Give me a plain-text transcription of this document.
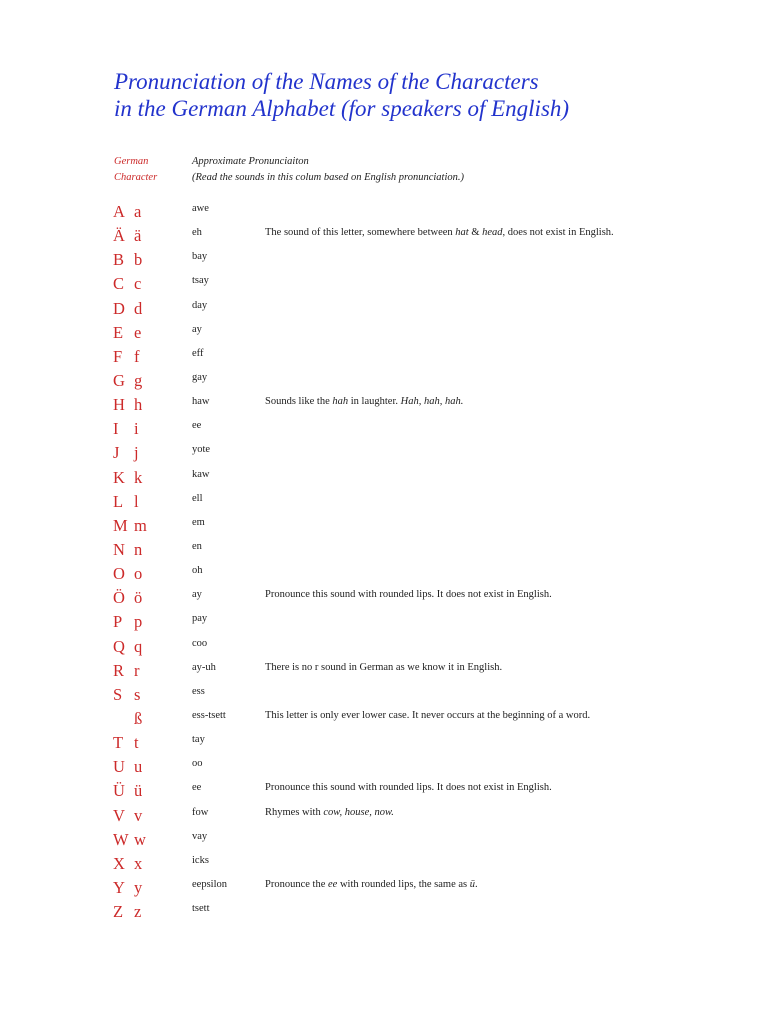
Pronunciation of the Names of the Characters
in the German Alphabet (for speakers of English)
German
Character
Approximate Pronunciaiton
(Read the sounds in this colum based on English pronunciation.)
A a	awe
Ä ä	eh	The sound of this letter, somewhere between hat & head, does not exist in English.
B b	bay
C c	tsay
D d	day
E e	ay
F f	eff
G g	gay
H h	haw	Sounds like the hah in laughter. Hah, hah, hah.
I i	ee
J j	yote
K k	kaw
L l	ell
M m	em
N n	en
O o	oh
Ö ö	ay	Pronounce this sound with rounded lips. It does not exist in English.
P p	pay
Q q	coo
R r	ay-uh	There is no r sound in German as we know it in English.
S s	ess
ß	ess-tsett	This letter is only ever lower case. It never occurs at the beginning of a word.
T t	tay
U u	oo
Ü ü	ee	Pronounce this sound with rounded lips. It does not exist in English.
V v	fow	Rhymes with cow, house, now.
W w	vay
X x	icks
Y y	eepsilon	Pronounce the ee with rounded lips, the same as ü.
Z z	tsett
